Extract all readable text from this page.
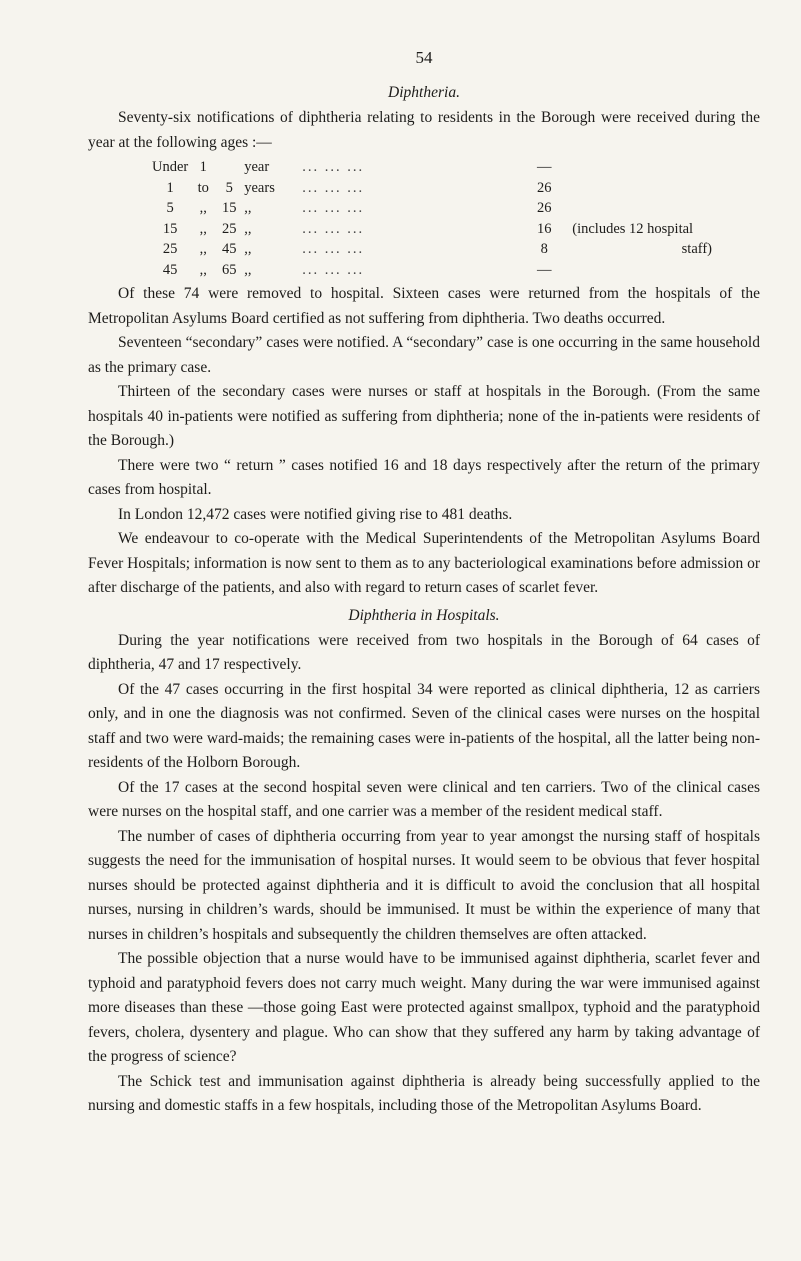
54
Diphtheria.

Seventy-six notifications of diphtheria relating to residents in the Borough were received during the year at the following ages :—

Under	1		year	... ... ...	—	
1	to	5	years	... ... ...	26	
5	,,	15	,,	... ... ...	26	
15	,,	25	,,	... ... ...	16	(includes 12 hospital
25	,,	45	,,	... ... ...	8	staff)
45	,,	65	,,	... ... ...	—	

Of these 74 were removed to hospital. Sixteen cases were returned from the hospitals of the Metropolitan Asylums Board certified as not suffering from diphtheria. Two deaths occurred.

Seventeen “secondary” cases were notified. A “secondary” case is one occurring in the same household as the primary case.

Thirteen of the secondary cases were nurses or staff at hospitals in the Borough. (From the same hospitals 40 in-patients were notified as suffering from diphtheria; none of the in-patients were residents of the Borough.)

There were two “ return ” cases notified 16 and 18 days respectively after the return of the primary cases from hospital.

In London 12,472 cases were notified giving rise to 481 deaths.

We endeavour to co-operate with the Medical Superintendents of the Metropolitan Asylums Board Fever Hospitals; information is now sent to them as to any bacteriological examinations before admission or after discharge of the patients, and also with regard to return cases of scarlet fever.

Diphtheria in Hospitals.

During the year notifications were received from two hospitals in the Borough of 64 cases of diphtheria, 47 and 17 respectively.

Of the 47 cases occurring in the first hospital 34 were reported as clinical diphtheria, 12 as carriers only, and in one the diagnosis was not confirmed. Seven of the clinical cases were nurses on the hospital staff and two were ward-maids; the remaining cases were in-patients of the hospital, all the latter being non-residents of the Holborn Borough.

Of the 17 cases at the second hospital seven were clinical and ten carriers. Two of the clinical cases were nurses on the hospital staff, and one carrier was a member of the resident medical staff.

The number of cases of diphtheria occurring from year to year amongst the nursing staff of hospitals suggests the need for the immunisation of hospital nurses. It would seem to be obvious that fever hospital nurses should be protected against diphtheria and it is difficult to avoid the conclusion that all hospital nurses, nursing in children’s wards, should be immunised. It must be within the experience of many that nurses in children’s hospitals and subsequently the children themselves are often attacked.

The possible objection that a nurse would have to be immunised against diphtheria, scarlet fever and typhoid and paratyphoid fevers does not carry much weight. Many during the war were immunised against more diseases than these —those going East were protected against smallpox, typhoid and the paratyphoid fevers, cholera, dysentery and plague. Who can show that they suffered any harm by taking advantage of the progress of science?

The Schick test and immunisation against diphtheria is already being successfully applied to the nursing and domestic staffs in a few hospitals, including those of the Metropolitan Asylums Board.
